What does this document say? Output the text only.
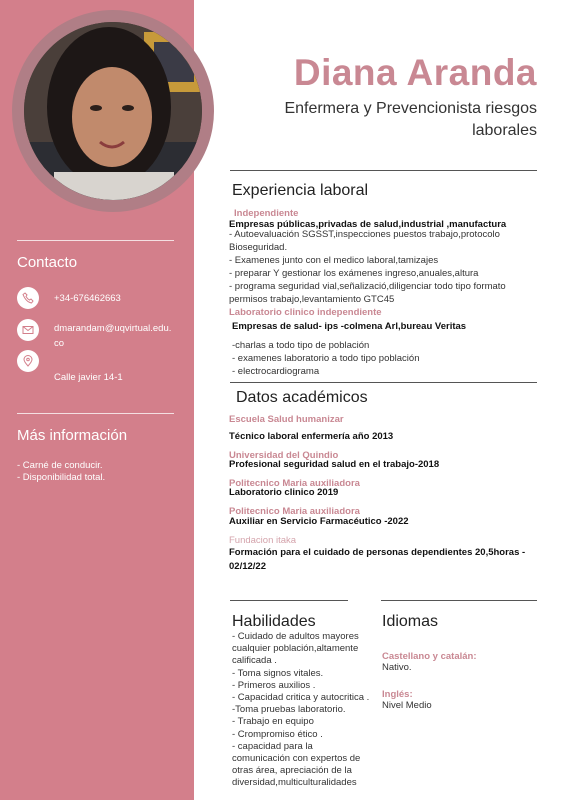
Contacto
+34-676462663
dmarandam@uqvirtual.edu.
co
Calle javier 14-1
Más información
- Carné de conducir.
- Disponibilidad total.
Diana Aranda
Enfermera y Prevencionista riesgos laborales
Experiencia laboral
Independiente
Empresas públicas,privadas de salud,industrial ,manufactura
- Autoevaluación SGSST,inspecciones puestos trabajo,protocolo
Bioseguridad.
- Examenes junto con el medico laboral,tamizajes
- preparar Y gestionar los exámenes ingreso,anuales,altura
- programa seguridad vial,señalizació,diligenciar todo tipo formato
permisos trabajo,levantamiento GTC45
Laboratorio clinico independiente
Empresas de salud- ips -colmena Arl,bureau Veritas
-charlas a todo tipo de población
- examenes laboratorio a todo tipo población
- electrocardiograma
Datos académicos
Escuela Salud humanizar
Técnico laboral enfermería año 2013
Universidad del Quindio
Profesional seguridad salud en el trabajo-2018
Politecnico Maria auxiliadora
Laboratorio clinico 2019
Politecnico Maria auxiliadora
Auxiliar en Servicio Farmacéutico -2022
Fundacion itaka
Formación para el cuidado de personas dependientes 20,5horas -
02/12/22
Habilidades
- Cuidado de adultos mayores
cualquier población,altamente
calificada .
- Toma signos vitales.
- Primeros auxilios .
- Capacidad critica y autocritica .
-Toma pruebas laboratorio.
- Trabajo en equipo
- Crompromiso ético .
- capacidad para la
comunicación con expertos de
otras área, apreciación de la
diversidad,multiculturalidades
Idiomas
Castellano y catalán:
Nativo.
Inglés:
Nivel Medio
